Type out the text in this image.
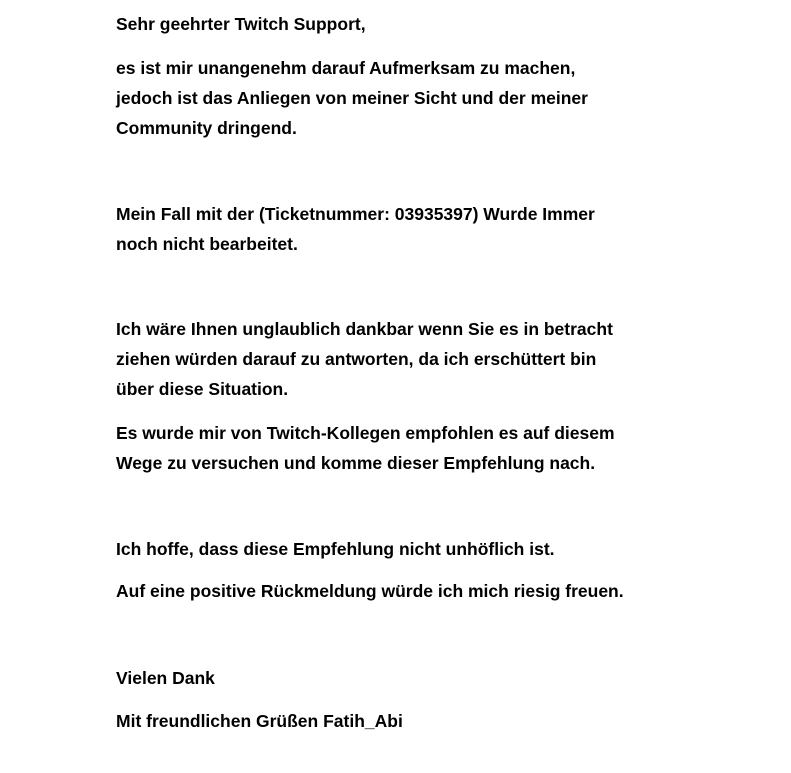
Sehr geehrter Twitch Support,
es ist mir unangenehm darauf Aufmerksam zu machen,
jedoch ist das Anliegen von meiner Sicht und der meiner
Community dringend.
Mein Fall mit der (Ticketnummer: 03935397) Wurde Immer
noch nicht bearbeitet.
Ich wäre Ihnen unglaublich dankbar wenn Sie es in betracht
ziehen würden darauf zu antworten, da ich erschüttert bin
über diese Situation.
Es wurde mir von Twitch-Kollegen empfohlen es auf diesem
Wege zu versuchen und komme dieser Empfehlung nach.
Ich hoffe, dass diese Empfehlung nicht unhöflich ist.
Auf eine positive Rückmeldung würde ich mich riesig freuen.
Vielen Dank
Mit freundlichen Grüßen Fatih_Abi
